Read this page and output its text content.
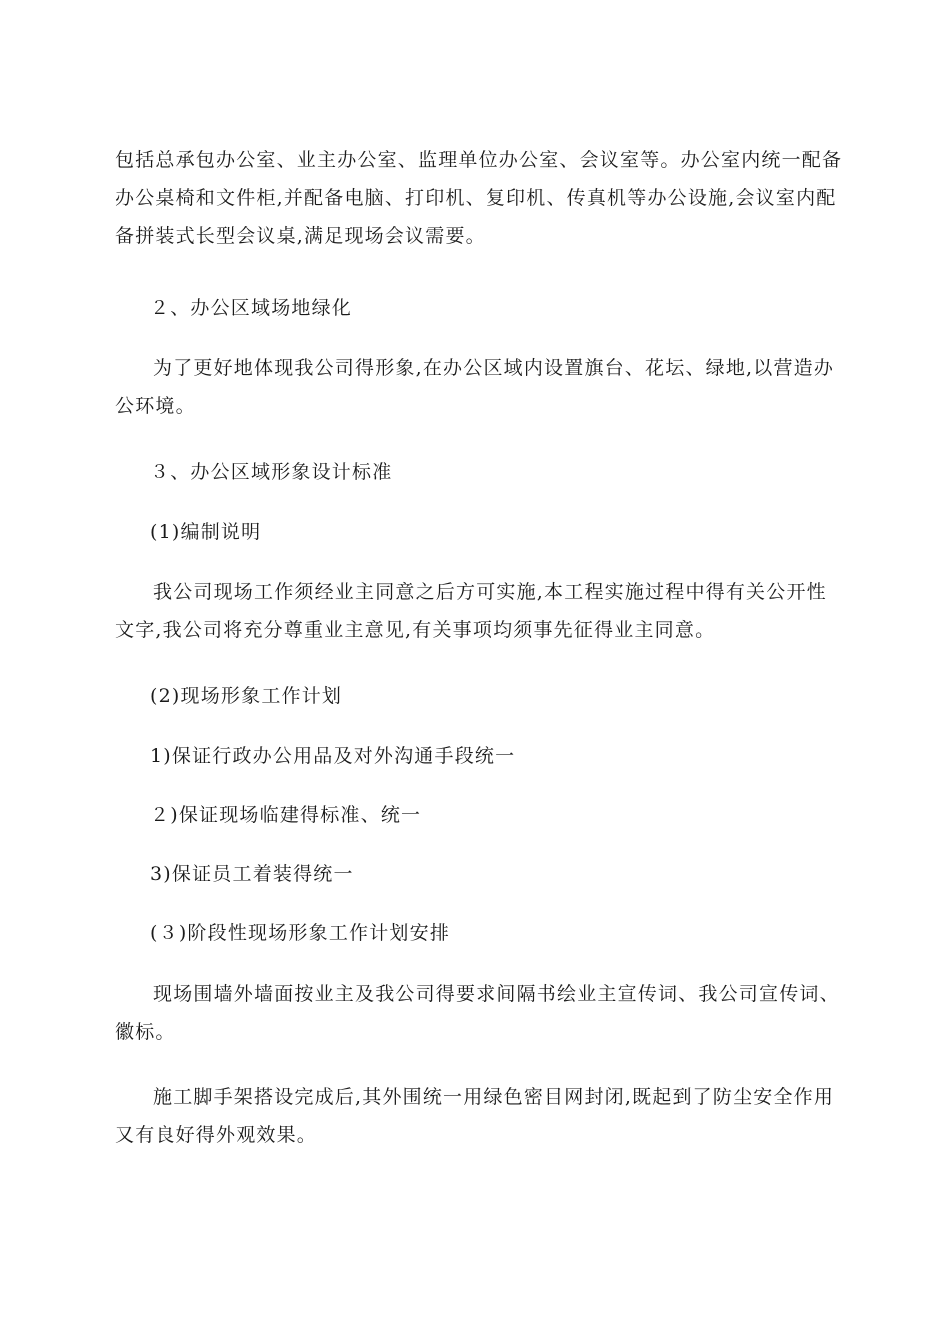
包括总承包办公室、业主办公室、监理单位办公室、会议室等。办公室内统一配备办公桌椅和文件柜,并配备电脑、打印机、复印机、传真机等办公设施,会议室内配备拼装式长型会议桌,满足现场会议需要。

２、办公区域场地绿化

为了更好地体现我公司得形象,在办公区域内设置旗台、花坛、绿地,以营造办公环境。

３、办公区域形象设计标准

(1)编制说明

我公司现场工作须经业主同意之后方可实施,本工程实施过程中得有关公开性文字,我公司将充分尊重业主意见,有关事项均须事先征得业主同意。

(2)现场形象工作计划

1)保证行政办公用品及对外沟通手段统一

２)保证现场临建得标准、统一

3)保证员工着装得统一

(３)阶段性现场形象工作计划安排

现场围墙外墙面按业主及我公司得要求间隔书绘业主宣传词、我公司宣传词、徽标。

施工脚手架搭设完成后,其外围统一用绿色密目网封闭,既起到了防尘安全作用又有良好得外观效果。
